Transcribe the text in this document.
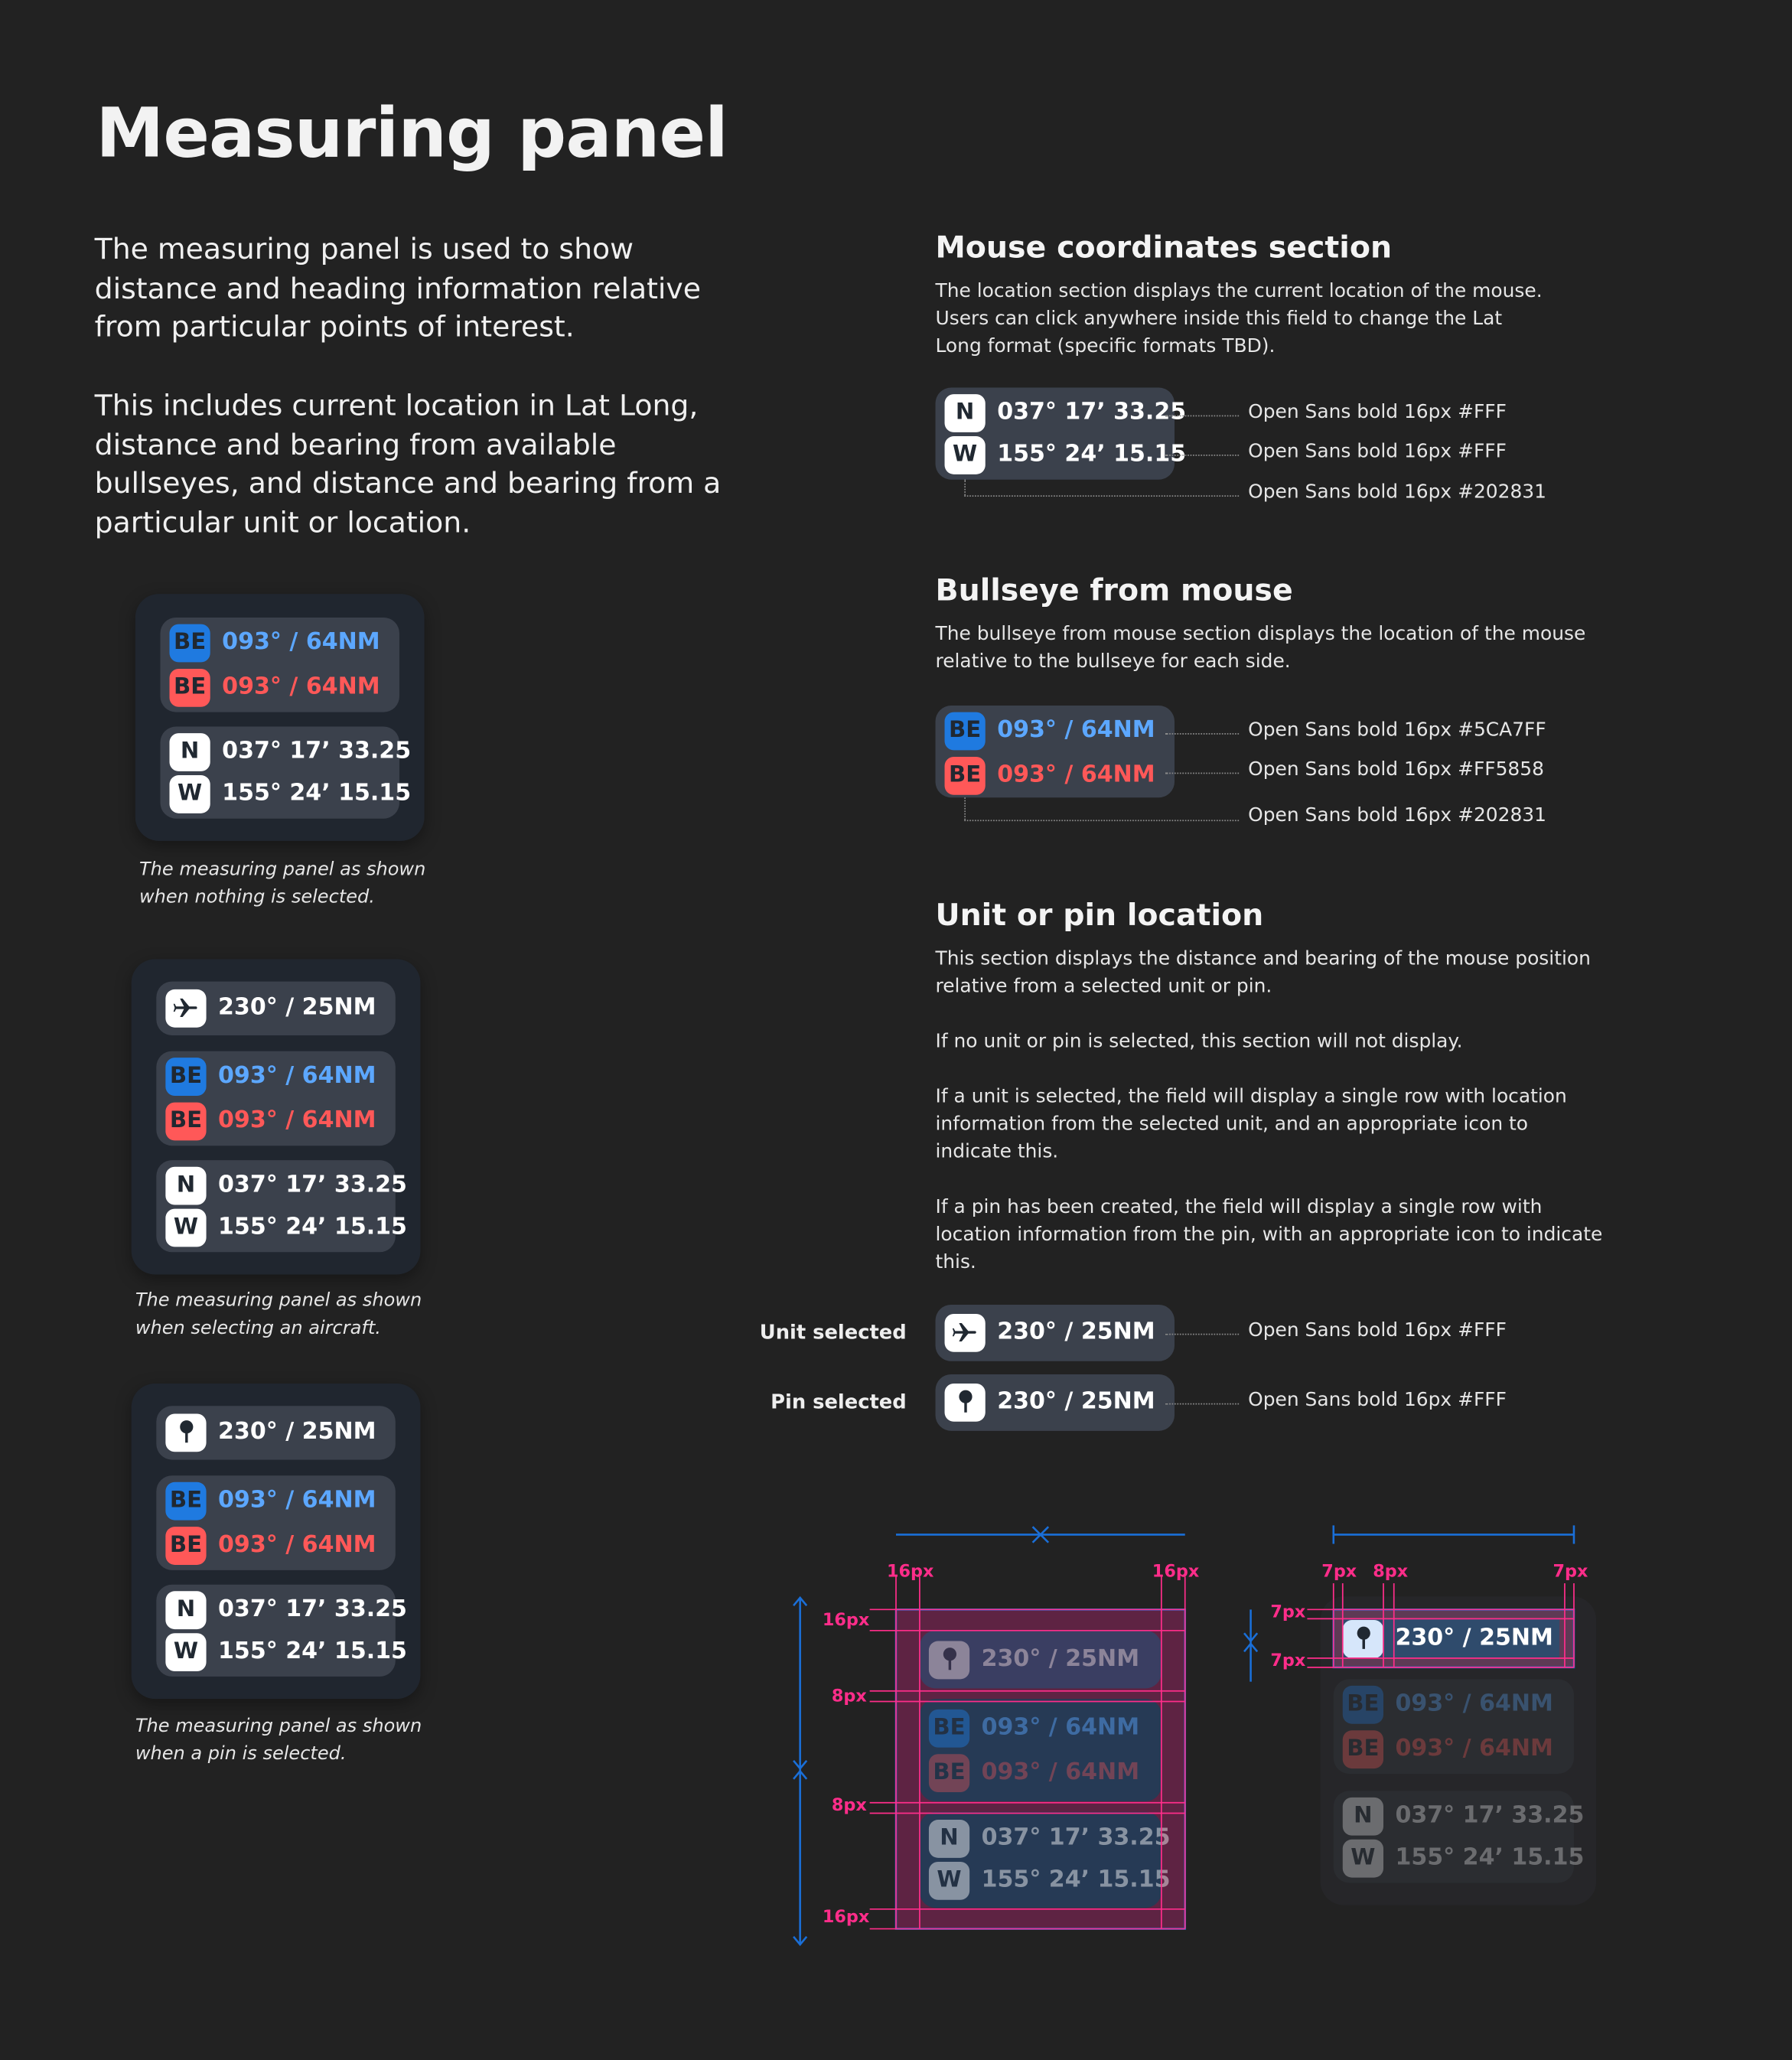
Measuring panel

The measuring panel is used to show distance and heading information relative from particular points of interest.

This includes current location in Lat Long, distance and bearing from available bullseyes, and distance and bearing from a particular unit or location.

BE	093° / 64NM
BE	093° / 64NM
N	037° 17’ 33.25
W	155° 24’ 15.15

The measuring panel as shown when nothing is selected.

230° / 25NM
BE	093° / 64NM
BE	093° / 64NM
N	037° 17’ 33.25
W	155° 24’ 15.15

The measuring panel as shown when selecting an aircraft.

230° / 25NM
BE	093° / 64NM
BE	093° / 64NM
N	037° 17’ 33.25
W	155° 24’ 15.15

The measuring panel as shown when a pin is selected.

Mouse coordinates section

The location section displays the current location of the mouse. Users can click anywhere inside this field to change the Lat Long format (specific formats TBD).

N	037° 17’ 33.25
W	155° 24’ 15.15
Open Sans bold 16px #FFF
Open Sans bold 16px #FFF
Open Sans bold 16px #202831
Bullseye from mouse

The bullseye from mouse section displays the location of the mouse relative to the bullseye for each side.

BE	093° / 64NM
BE	093° / 64NM
Open Sans bold 16px #5CA7FF
Open Sans bold 16px #FF5858
Open Sans bold 16px #202831
Unit or pin location

This section displays the distance and bearing of the mouse position relative from a selected unit or pin.

If no unit or pin is selected, this section will not display.

If a unit is selected, the field will display a single row with location information from the selected unit, and an appropriate icon to indicate this.

If a pin has been created, the field will display a single row with location information from the pin, with an appropriate icon to indicate this.

Unit selected	230° / 25NM	Open Sans bold 16px #FFF
Pin selected	230° / 25NM	Open Sans bold 16px #FFF
230° / 25NM
BE	093° / 64NM
BE	093° / 64NM
N	037° 17’ 33.25
W	155° 24’ 15.15
16px	16px
16px
8px
8px
16px
BE	093° / 64NM
BE	093° / 64NM
N	037° 17’ 33.25
W	155° 24’ 15.15
230° / 25NM
7px 8px	7px
7px
7px
